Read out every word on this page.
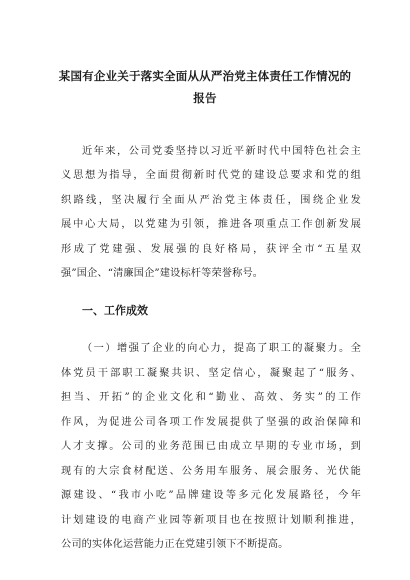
某国有企业关于落实全面从从严治党主体责任工作情况的
报告
近年来，公司党委坚持以习近平新时代中国特色社会主
义思想为指导，全面贯彻新时代党的建设总要求和党的组
织路线，坚决履行全面从严治党主体责任，围绕企业发
展中心大局，以党建为引领，推进各项重点工作创新发展
形成了党建强、发展强的良好格局，获评全市“五星双
强”国企、“清廉国企”建设标杆等荣誉称号。
一、工作成效
（一）增强了企业的向心力，提高了职工的凝聚力。全
体党员干部职工凝聚共识、坚定信心，凝聚起了“服务、
担当、开拓”的企业文化和“勤业、高效、务实”的工作
作风，为促进公司各项工作发展提供了坚强的政治保障和
人才支撑。公司的业务范围已由成立早期的专业市场，到
现有的大宗食材配送、公务用车服务、展会服务、光伏能
源建设、“我市小吃”品牌建设等多元化发展路径，今年
计划建设的电商产业园等新项目也在按照计划顺利推进，
公司的实体化运营能力正在党建引领下不断提高。
